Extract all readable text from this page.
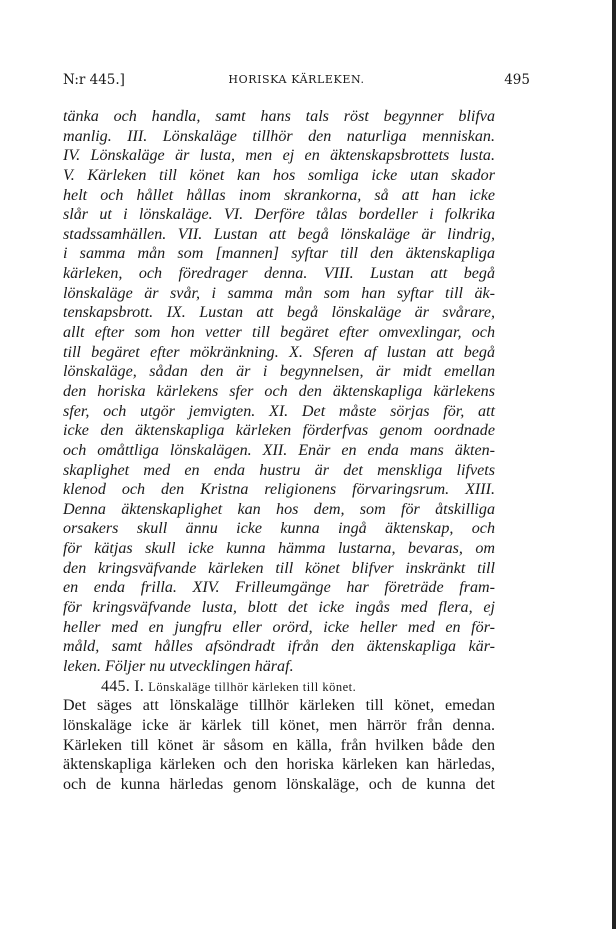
N:r 445.]	HORISKA KÄRLEKEN.	495
tänka och handla, samt hans tals röst begynner blifva
manlig. III. Lönskaläge tillhör den naturliga menniskan.
IV. Lönskaläge är lusta, men ej en äktenskapsbrottets lusta.
V. Kärleken till könet kan hos somliga icke utan skador
helt och hållet hållas inom skrankorna, så att han icke
slår ut i lönskaläge. VI. Derföre tålas bordeller i folkrika
stadssamhällen. VII. Lustan att begå lönskaläge är lindrig,
i samma mån som [mannen] syftar till den äktenskapliga
kärleken, och föredrager denna. VIII. Lustan att begå
lönskaläge är svår, i samma mån som han syftar till äk-
tenskapsbrott. IX. Lustan att begå lönskaläge är svårare,
allt efter som hon vetter till begäret efter omvexlingar, och
till begäret efter mökränkning. X. Sferen af lustan att begå
lönskaläge, sådan den är i begynnelsen, är midt emellan
den horiska kärlekens sfer och den äktenskapliga kärlekens
sfer, och utgör jemvigten. XI. Det måste sörjas för, att
icke den äktenskapliga kärleken förderfvas genom oordnade
och omåttliga lönskalägen. XII. Enär en enda mans äkten-
skaplighet med en enda hustru är det menskliga lifvets
klenod och den Kristna religionens förvaringsrum. XIII.
Denna äktenskaplighet kan hos dem, som för åtskilliga
orsakers skull ännu icke kunna ingå äktenskap, och
för kätjas skull icke kunna hämma lustarna, bevaras, om
den kringsväfvande kärleken till könet blifver inskränkt till
en enda frilla. XIV. Frilleumgänge har företräde fram-
för kringsväfvande lusta, blott det icke ingås med flera, ej
heller med en jungfru eller orörd, icke heller med en för-
måld, samt hålles afsöndradt ifrån den äktenskapliga kär-
leken. Följer nu utvecklingen häraf.
445. I. Lönskaläge tillhör kärleken till könet.
Det säges att lönskaläge tillhör kärleken till könet, emedan
lönskaläge icke är kärlek till könet, men härrör från denna.
Kärleken till könet är såsom en källa, från hvilken både den
äktenskapliga kärleken och den horiska kärleken kan härledas,
och de kunna härledas genom lönskaläge, och de kunna det
